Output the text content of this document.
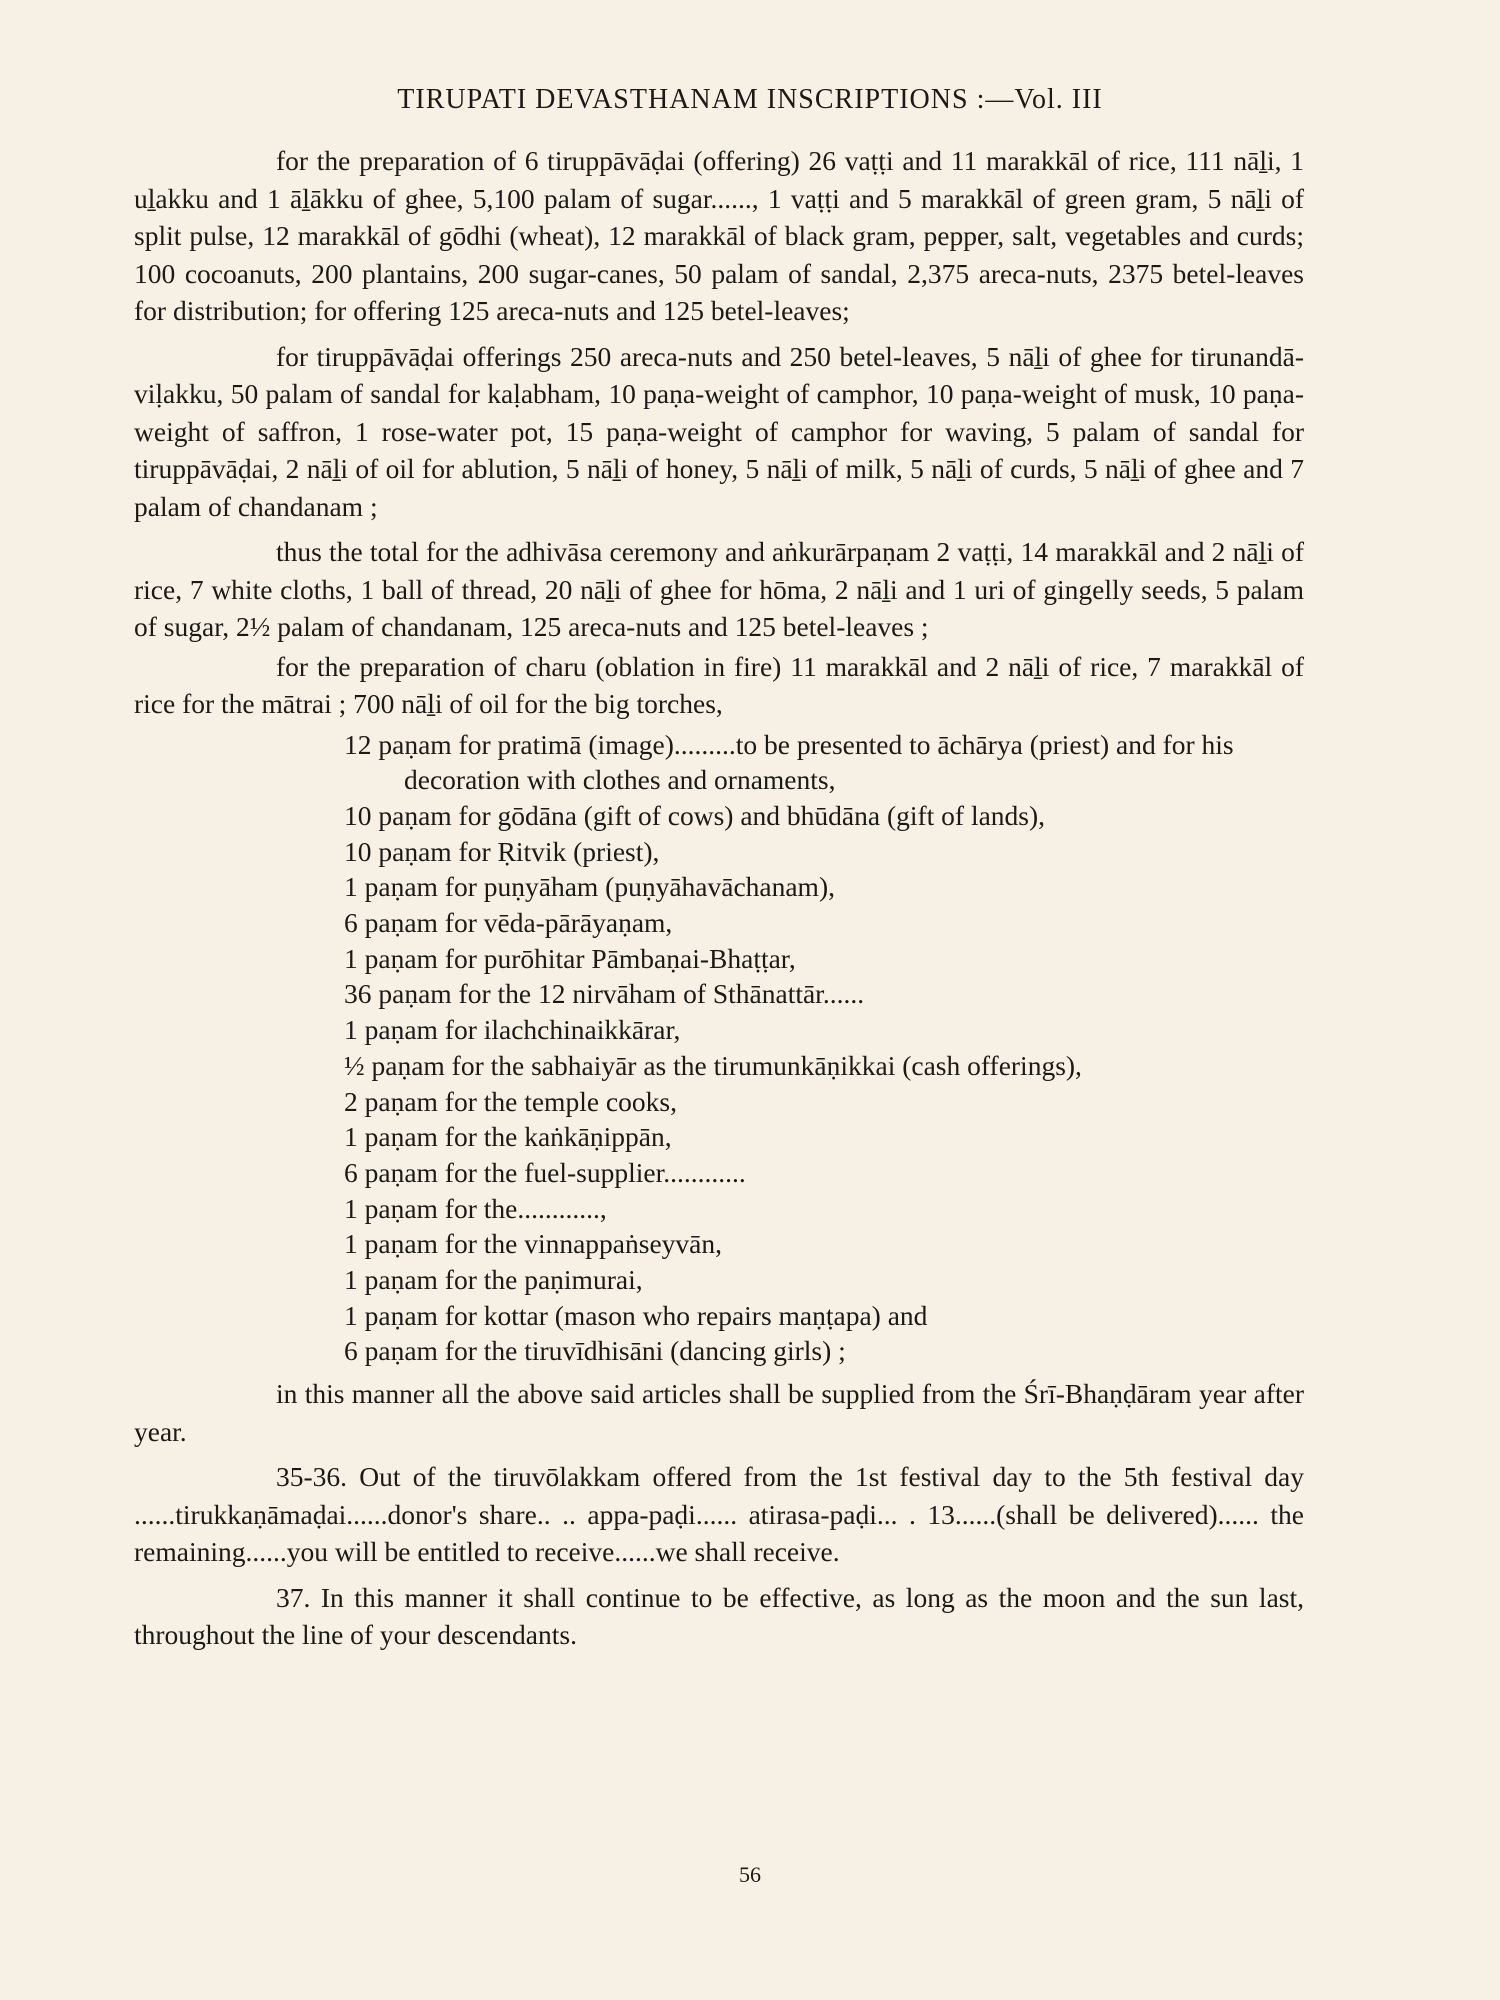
TIRUPATI DEVASTHANAM INSCRIPTIONS :—Vol. III

for the preparation of 6 tiruppāvāḍai (offering) 26 vaṭṭi and 11 marakkāl of rice, 111 nāḻi, 1 uḻakku and 1 āḻākku of ghee, 5,100 palam of sugar......, 1 vaṭṭi and 5 marakkāl of green gram, 5 nāḻi of split pulse, 12 marakkāl of gōdhi (wheat), 12 marakkāl of black gram, pepper, salt, vegetables and curds; 100 cocoanuts, 200 plantains, 200 sugar-canes, 50 palam of sandal, 2,375 areca-nuts, 2375 betel-leaves for distribution; for offering 125 areca-nuts and 125 betel-leaves;

for tiruppāvāḍai offerings 250 areca-nuts and 250 betel-leaves, 5 nāḻi of ghee for tirunandā-viḷakku, 50 palam of sandal for kaḷabham, 10 paṇa-weight of camphor, 10 paṇa-weight of musk, 10 paṇa-weight of saffron, 1 rose-water pot, 15 paṇa-weight of camphor for waving, 5 palam of sandal for tiruppāvāḍai, 2 nāḻi of oil for ablution, 5 nāḻi of honey, 5 nāḻi of milk, 5 nāḻi of curds, 5 nāḻi of ghee and 7 palam of chandanam ;

thus the total for the adhivāsa ceremony and aṅkurārpaṇam 2 vaṭṭi, 14 marakkāl and 2 nāḻi of rice, 7 white cloths, 1 ball of thread, 20 nāḻi of ghee for hōma, 2 nāḻi and 1 uri of gingelly seeds, 5 palam of sugar, 2½ palam of chandanam, 125 areca-nuts and 125 betel-leaves ;

for the preparation of charu (oblation in fire) 11 marakkāl and 2 nāḻi of rice, 7 marakkāl of rice for the mātrai ; 700 nāḻi of oil for the big torches,

12 paṇam for pratimā (image).........to be presented to āchārya (priest) and for his decoration with clothes and ornaments,
10 paṇam for gōdāna (gift of cows) and bhūdāna (gift of lands),
10 paṇam for Ṛitvik (priest),
1 paṇam for puṇyāham (puṇyāhavāchanam),
6 paṇam for vēda-pārāyaṇam,
1 paṇam for purōhitar Pāmbaṇai-Bhaṭṭar,
36 paṇam for the 12 nirvāham of Sthānattār......
1 paṇam for ilachchinaikkārar,
½ paṇam for the sabhaiyār as the tirumunkāṇikkai (cash offerings),
2 paṇam for the temple cooks,
1 paṇam for the kaṅkāṇippān,
6 paṇam for the fuel-supplier............
1 paṇam for the............,
1 paṇam for the vinnappaṅseyvān,
1 paṇam for the paṇimurai,
1 paṇam for kottar (mason who repairs maṇṭapa) and
6 paṇam for the tiruvīdhisāni (dancing girls) ;

in this manner all the above said articles shall be supplied from the Śrī-Bhaṇḍāram year after year.

35-36. Out of the tiruvōlakkam offered from the 1st festival day to the 5th festival day ......tirukkaṇāmaḍai......donor's share.. .. appa-paḍi...... atirasa-paḍi... . 13......(shall be delivered)...... the remaining......you will be entitled to receive......we shall receive.

37. In this manner it shall continue to be effective, as long as the moon and the sun last, throughout the line of your descendants.

56
